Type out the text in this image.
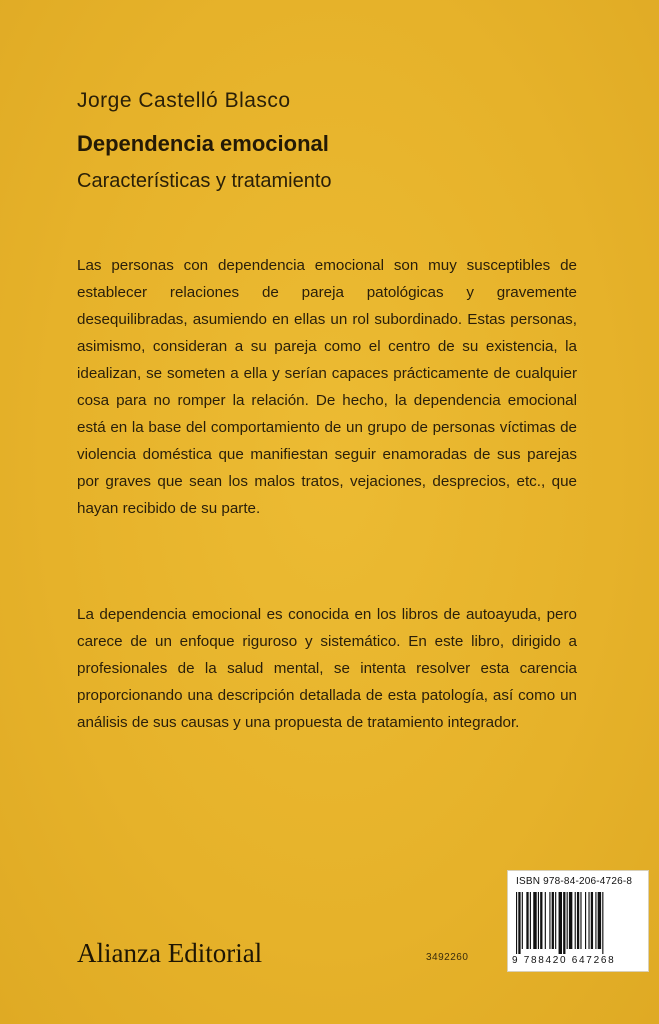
Jorge Castelló Blasco
Dependencia emocional
Características y tratamiento

Las personas con dependencia emocional son muy susceptibles de establecer relaciones de pareja patológicas y gravemente desequilibradas, asumiendo en ellas un rol subordinado. Estas personas, asimismo, consideran a su pareja como el centro de su existencia, la idealizan, se someten a ella y serían capaces prácticamente de cualquier cosa para no romper la relación. De hecho, la dependencia emocional está en la base del comportamiento de un grupo de personas víctimas de violencia doméstica que manifiestan seguir enamoradas de sus parejas por graves que sean los malos tratos, vejaciones, desprecios, etc., que hayan recibido de su parte.

La dependencia emocional es conocida en los libros de autoayuda, pero carece de un enfoque riguroso y sistemático. En este libro, dirigido a profesionales de la salud mental, se intenta resolver esta carencia proporcionando una descripción detallada de esta patología, así como un análisis de sus causas y una propuesta de tratamiento integrador.

Alianza Editorial	3492260
ISBN 978-84-206-4726-8
9 788420 647268
